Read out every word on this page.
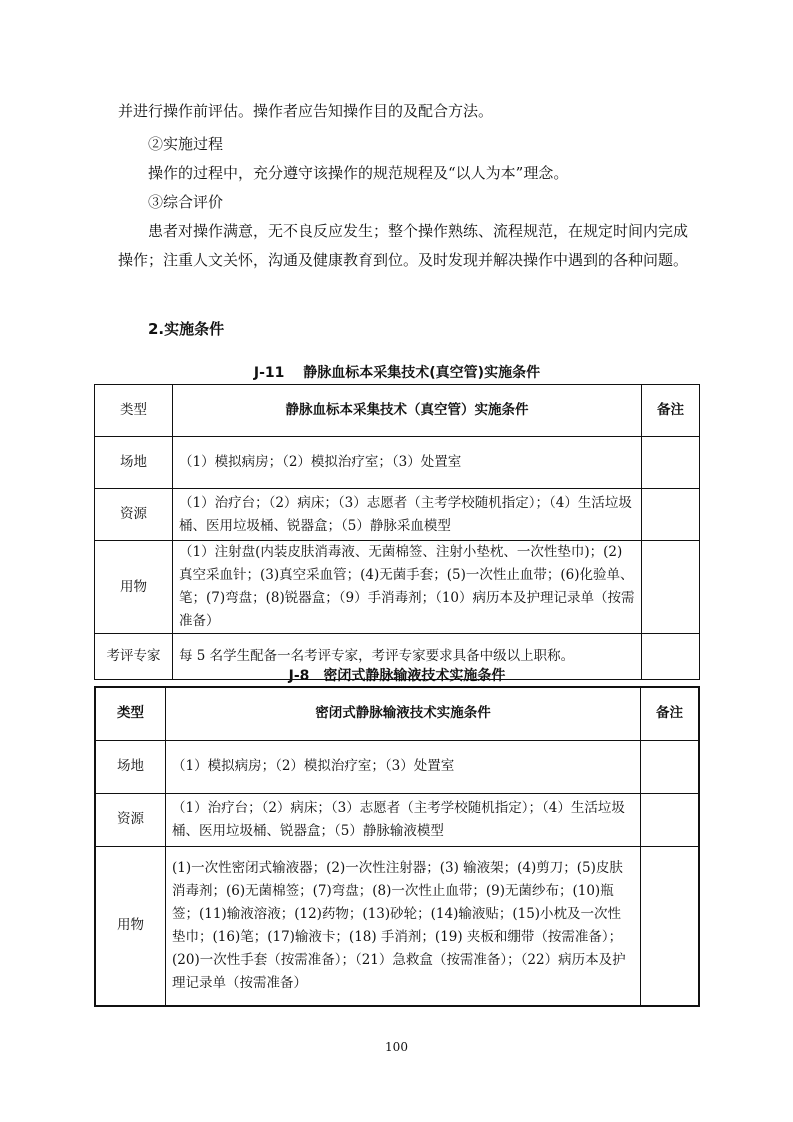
并进行操作前评估。操作者应告知操作目的及配合方法。
②实施过程
操作的过程中，充分遵守该操作的规范规程及“以人为本”理念。
③综合评价
患者对操作满意，无不良反应发生；整个操作熟练、流程规范，在规定时间内完成操作；注重人文关怀，沟通及健康教育到位。及时发现并解决操作中遇到的各种问题。
2.实施条件
J-11　 静脉血标本采集技术(真空管)实施条件
类型	静脉血标本采集技术（真空管）实施条件	备注
场地	（1）模拟病房；（2）模拟治疗室；（3）处置室	
资源	（1）治疗台；（2）病床；（3）志愿者（主考学校随机指定）；（4）生活垃圾桶、医用垃圾桶、锐器盒；（5）静脉采血模型	
用物	（1）注射盘(内装皮肤消毒液、无菌棉签、注射小垫枕、一次性垫巾)；(2)真空采血针；(3)真空采血管；(4)无菌手套；(5)一次性止血带；(6)化验单、笔；(7)弯盘；(8)锐器盒；（9）手消毒剂；（10）病历本及护理记录单（按需准备）	
考评专家	每 5 名学生配备一名考评专家，考评专家要求具备中级以上职称。	
J-8　密闭式静脉输液技术实施条件
类型	密闭式静脉输液技术实施条件	备注
场地	（1）模拟病房；（2）模拟治疗室；（3）处置室	
资源	（1）治疗台；（2）病床；（3）志愿者（主考学校随机指定）；（4）生活垃圾桶、医用垃圾桶、锐器盒；（5）静脉输液模型	
用物	(1)一次性密闭式输液器；(2)一次性注射器；(3) 输液架；(4)剪刀；(5)皮肤消毒剂；(6)无菌棉签；(7)弯盘；(8)一次性止血带；(9)无菌纱布；(10)瓶签；(11)输液溶液；(12)药物；(13)砂轮；(14)输液贴；(15)小枕及一次性垫巾；(16)笔；(17)输液卡；(18) 手消剂；(19) 夹板和绷带（按需准备）；(20)一次性手套（按需准备）；（21）急救盒（按需准备）；（22）病历本及护理记录单（按需准备）	
100
